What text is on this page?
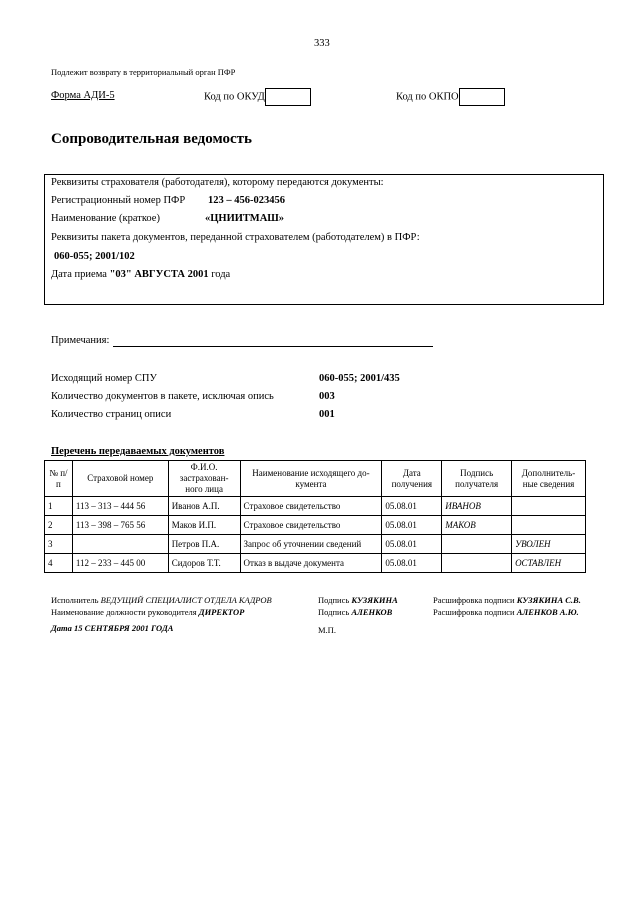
333
Подлежит возврату в территориальный орган ПФР
Форма АДИ-5	Код по ОКУД	Код по ОКПО
Сопроводительная ведомость
Реквизиты страхователя (работодателя), которому передаются документы:
Регистрационный номер ПФР 123 – 456-023456
Наименование (краткое)	«ЦНИИТМАШ»
Реквизиты пакета документов, переданной страхователем (работодателем) в ПФР:
060-055; 2001/102
Дата приема "03" АВГУСТА 2001 года
Примечания:
Исходящий номер СПУ	060-055; 2001/435
Количество документов в пакете, исключая опись	003
Количество страниц описи	001
Перечень передаваемых документов
№ п/п	Страховой номер	Ф.И.О. застрахован-ного лица	Наименование исходящего до-кумента	Дата получения	Подпись получателя	Дополнитель-ные сведения
1	113 – 313 – 444 56	Иванов А.П.	Страховое свидетельство	05.08.01	ИВАНОВ	
2	113 – 398 – 765 56	Маков И.П.	Страховое свидетельство	05.08.01	МАКОВ	
3		Петров П.А.	Запрос об уточнении сведений	05.08.01		УВОЛЕН
4	112 – 233 – 445 00	Сидоров Т.Т.	Отказ в выдаче документа	05.08.01		ОСТАВЛЕН
Исполнитель ВЕДУЩИЙ СПЕЦИАЛИСТ ОТДЕЛА КАДРОВ	Подпись КУЗЯКИНА	Расшифровка подписи КУЗЯКИНА С.В.
Наименование должности руководителя ДИРЕКТОР	Подпись АЛЕНКОВ	Расшифровка подписи АЛЕНКОВ А.Ю.
Дата 15 СЕНТЯБРЯ 2001 ГОДА	М.П.
